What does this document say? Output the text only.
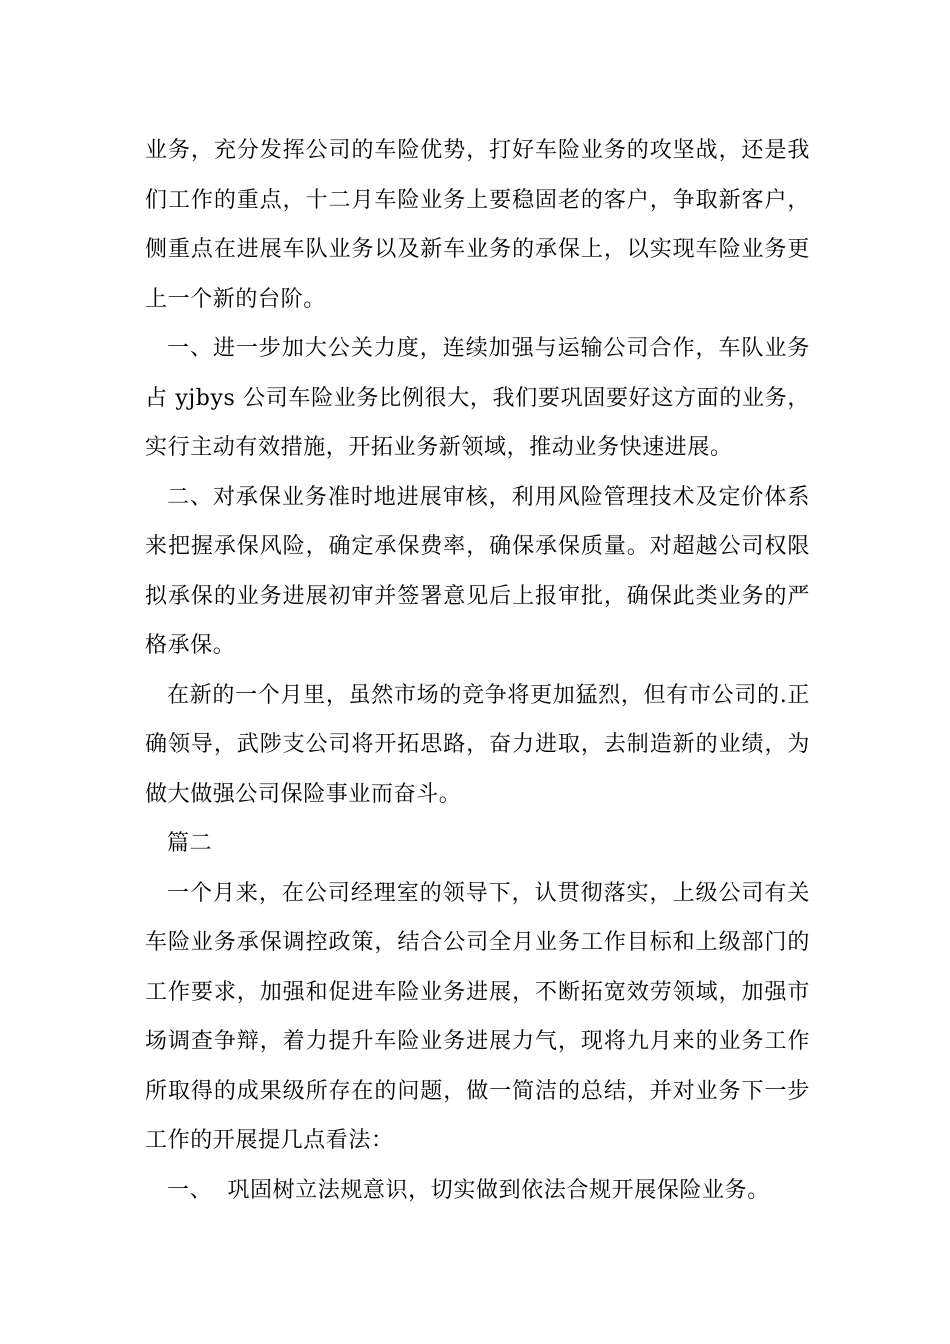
业务，充分发挥公司的车险优势，打好车险业务的攻坚战，还是我们工作的重点，十二月车险业务上要稳固老的客户，争取新客户，侧重点在进展车队业务以及新车业务的承保上，以实现车险业务更上一个新的台阶。

一、进一步加大公关力度，连续加强与运输公司合作，车队业务占 yjbys 公司车险业务比例很大，我们要巩固要好这方面的业务，实行主动有效措施，开拓业务新领域，推动业务快速进展。

二、对承保业务准时地进展审核，利用风险管理技术及定价体系来把握承保风险，确定承保费率，确保承保质量。对超越公司权限拟承保的业务进展初审并签署意见后上报审批，确保此类业务的严格承保。

在新的一个月里，虽然市场的竞争将更加猛烈，但有市公司的.正确领导，武陟支公司将开拓思路，奋力进取，去制造新的业绩，为做大做强公司保险事业而奋斗。

篇二

一个月来，在公司经理室的领导下，认贯彻落实，上级公司有关车险业务承保调控政策，结合公司全月业务工作目标和上级部门的工作要求，加强和促进车险业务进展，不断拓宽效劳领域，加强市场调查争辩，着力提升车险业务进展力气，现将九月来的业务工作所取得的成果级所存在的问题，做一简洁的总结，并对业务下一步工作的开展提几点看法：

一、  巩固树立法规意识，切实做到依法合规开展保险业务。
